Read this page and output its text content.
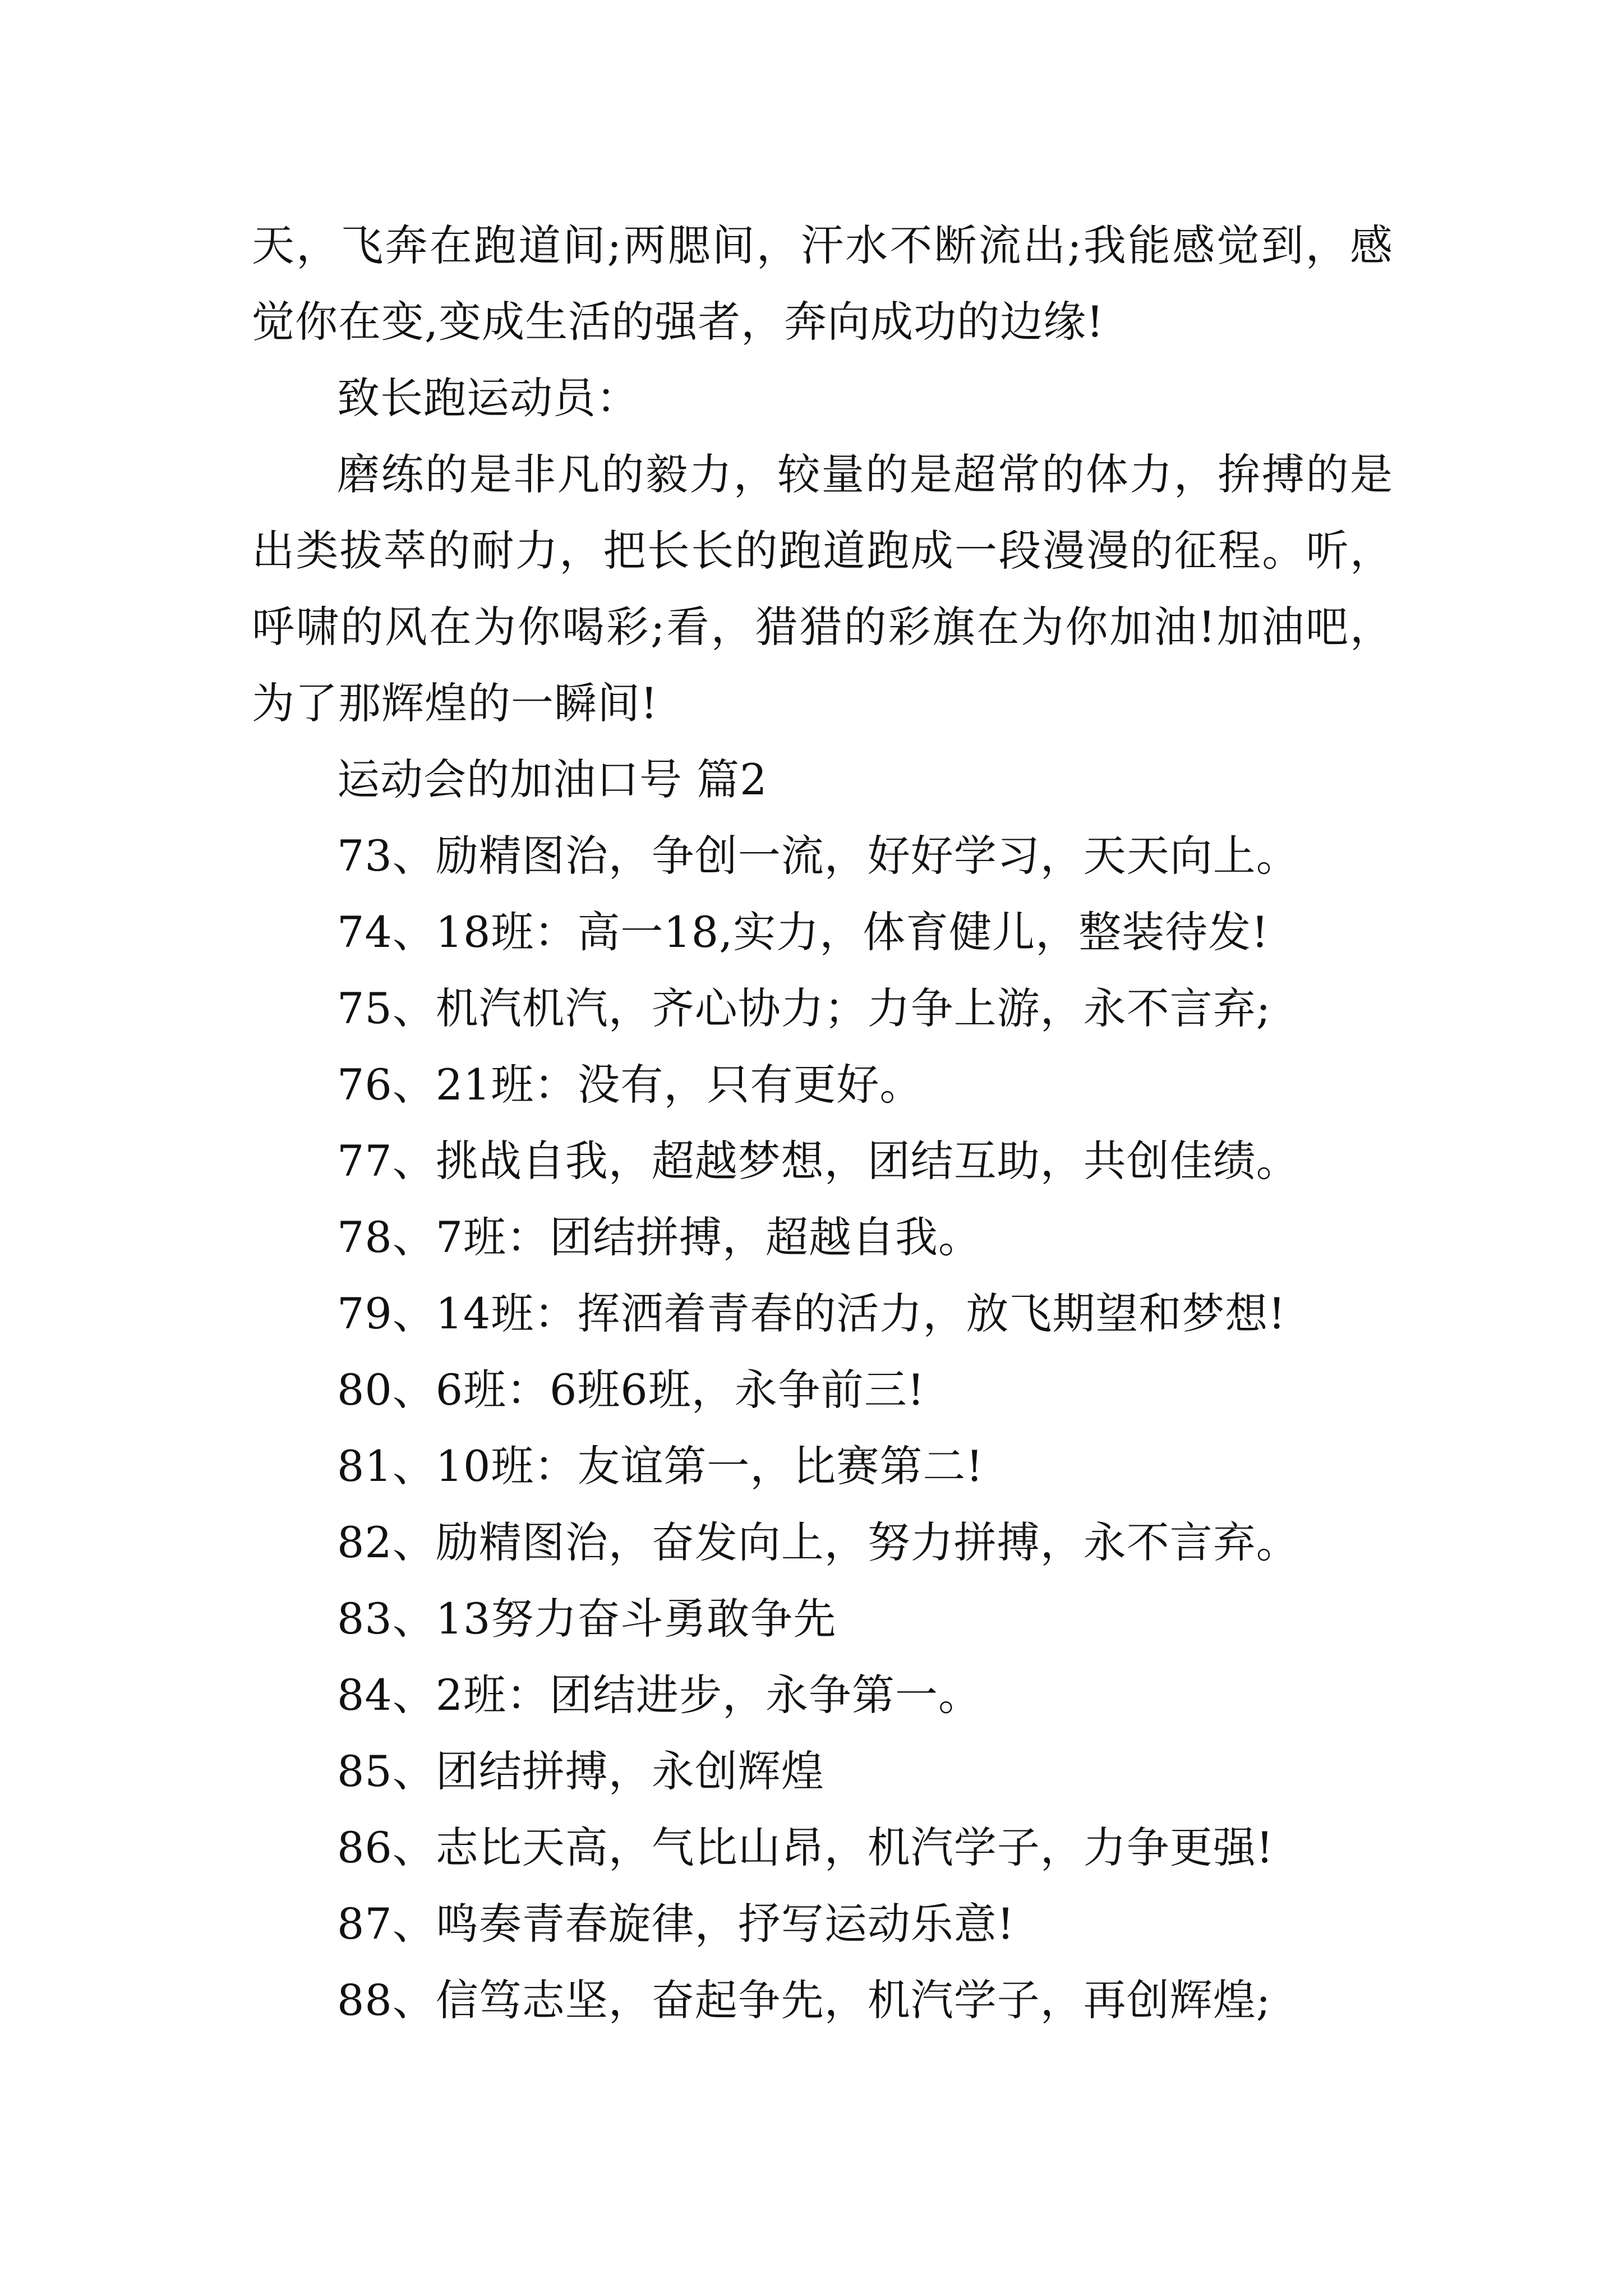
天，飞奔在跑道间;两腮间，汗水不断流出;我能感觉到，感
觉你在变,变成生活的强者，奔向成功的边缘!
致长跑运动员：
磨练的是非凡的毅力，较量的是超常的体力，拚搏的是
出类拔萃的耐力，把长长的跑道跑成一段漫漫的征程。听，
呼啸的风在为你喝彩;看，猎猎的彩旗在为你加油!加油吧，
为了那辉煌的一瞬间!
运动会的加油口号 篇2
73、励精图治，争创一流，好好学习，天天向上。
74、18班：高一18,实力，体育健儿，整装待发!
75、机汽机汽，齐心协力；力争上游，永不言弃;
76、21班：没有，只有更好。
77、挑战自我，超越梦想，团结互助，共创佳绩。
78、7班：团结拼搏，超越自我。
79、14班：挥洒着青春的活力，放飞期望和梦想!
80、6班：6班6班，永争前三!
81、10班：友谊第一，比赛第二!
82、励精图治，奋发向上，努力拼搏，永不言弃。
83、13努力奋斗勇敢争先
84、2班：团结进步，永争第一。
85、团结拼搏，永创辉煌
86、志比天高，气比山昂，机汽学子，力争更强!
87、鸣奏青春旋律，抒写运动乐意!
88、信笃志坚，奋起争先，机汽学子，再创辉煌;
